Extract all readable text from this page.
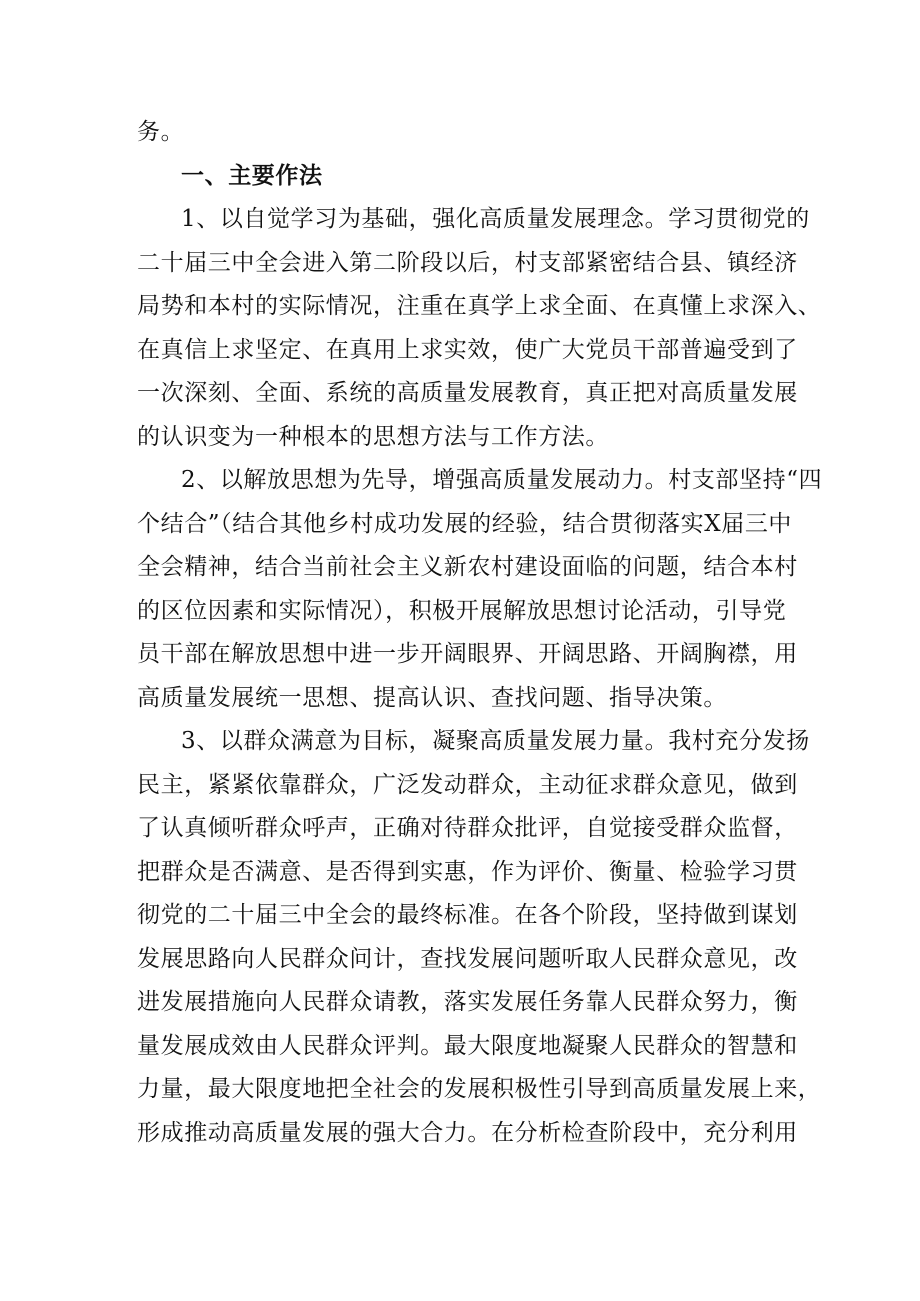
务。
一、主要作法
1、以自觉学习为基础，强化高质量发展理念。学习贯彻党的
二十届三中全会进入第二阶段以后，村支部紧密结合县、镇经济
局势和本村的实际情况，注重在真学上求全面、在真懂上求深入、
在真信上求坚定、在真用上求实效，使广大党员干部普遍受到了
一次深刻、全面、系统的高质量发展教育，真正把对高质量发展
的认识变为一种根本的思想方法与工作方法。
2、以解放思想为先导，增强高质量发展动力。村支部坚持“四
个结合”（结合其他乡村成功发展的经验，结合贯彻落实X届三中
全会精神，结合当前社会主义新农村建设面临的问题，结合本村
的区位因素和实际情况），积极开展解放思想讨论活动，引导党
员干部在解放思想中进一步开阔眼界、开阔思路、开阔胸襟，用
高质量发展统一思想、提高认识、查找问题、指导决策。
3、以群众满意为目标，凝聚高质量发展力量。我村充分发扬
民主，紧紧依靠群众，广泛发动群众，主动征求群众意见，做到
了认真倾听群众呼声，正确对待群众批评，自觉接受群众监督，
把群众是否满意、是否得到实惠，作为评价、衡量、检验学习贯
彻党的二十届三中全会的最终标准。在各个阶段，坚持做到谋划
发展思路向人民群众问计，查找发展问题听取人民群众意见，改
进发展措施向人民群众请教，落实发展任务靠人民群众努力，衡
量发展成效由人民群众评判。最大限度地凝聚人民群众的智慧和
力量，最大限度地把全社会的发展积极性引导到高质量发展上来，
形成推动高质量发展的强大合力。在分析检查阶段中，充分利用
